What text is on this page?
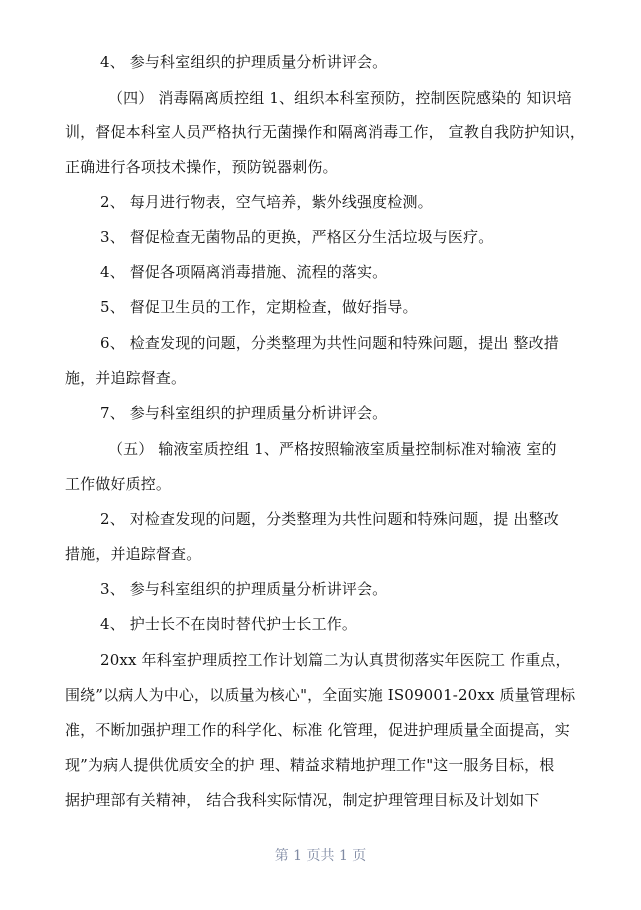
4、 参与科室组织的护理质量分析讲评会。
（四） 消毒隔离质控组 1、组织本科室预防，控制医院感染的 知识培
训，督促本科室人员严格执行无菌操作和隔离消毒工作， 宣教自我防护知识，
正确进行各项技术操作，预防锐器刺伤。
2、 每月进行物表，空气培养，紫外线强度检测。
3、 督促检查无菌物品的更换，严格区分生活垃圾与医疗。
4、 督促各项隔离消毒措施、流程的落实。
5、 督促卫生员的工作，定期检查，做好指导。
6、 检查发现的问题，分类整理为共性问题和特殊问题，提出 整改措
施，并追踪督查。
7、 参与科室组织的护理质量分析讲评会。
（五） 输液室质控组 1、严格按照输液室质量控制标准对输液 室的
工作做好质控。
2、 对检查发现的问题，分类整理为共性问题和特殊问题，提 出整改
措施，并追踪督查。
3、 参与科室组织的护理质量分析讲评会。
4、 护士长不在岗时替代护士长工作。
20xx 年科室护理质控工作计划篇二为认真贯彻落实年医院工 作重点，
围绕”以病人为中心，以质量为核心"，全面实施 IS09001-20xx 质量管理标
准，不断加强护理工作的科学化、标准 化管理，促进护理质量全面提高，实
现”为病人提供优质安全的护 理、精益求精地护理工作"这一服务目标，根
据护理部有关精神， 结合我科实际情况，制定护理管理目标及计划如下
第 1 页共 1 页
